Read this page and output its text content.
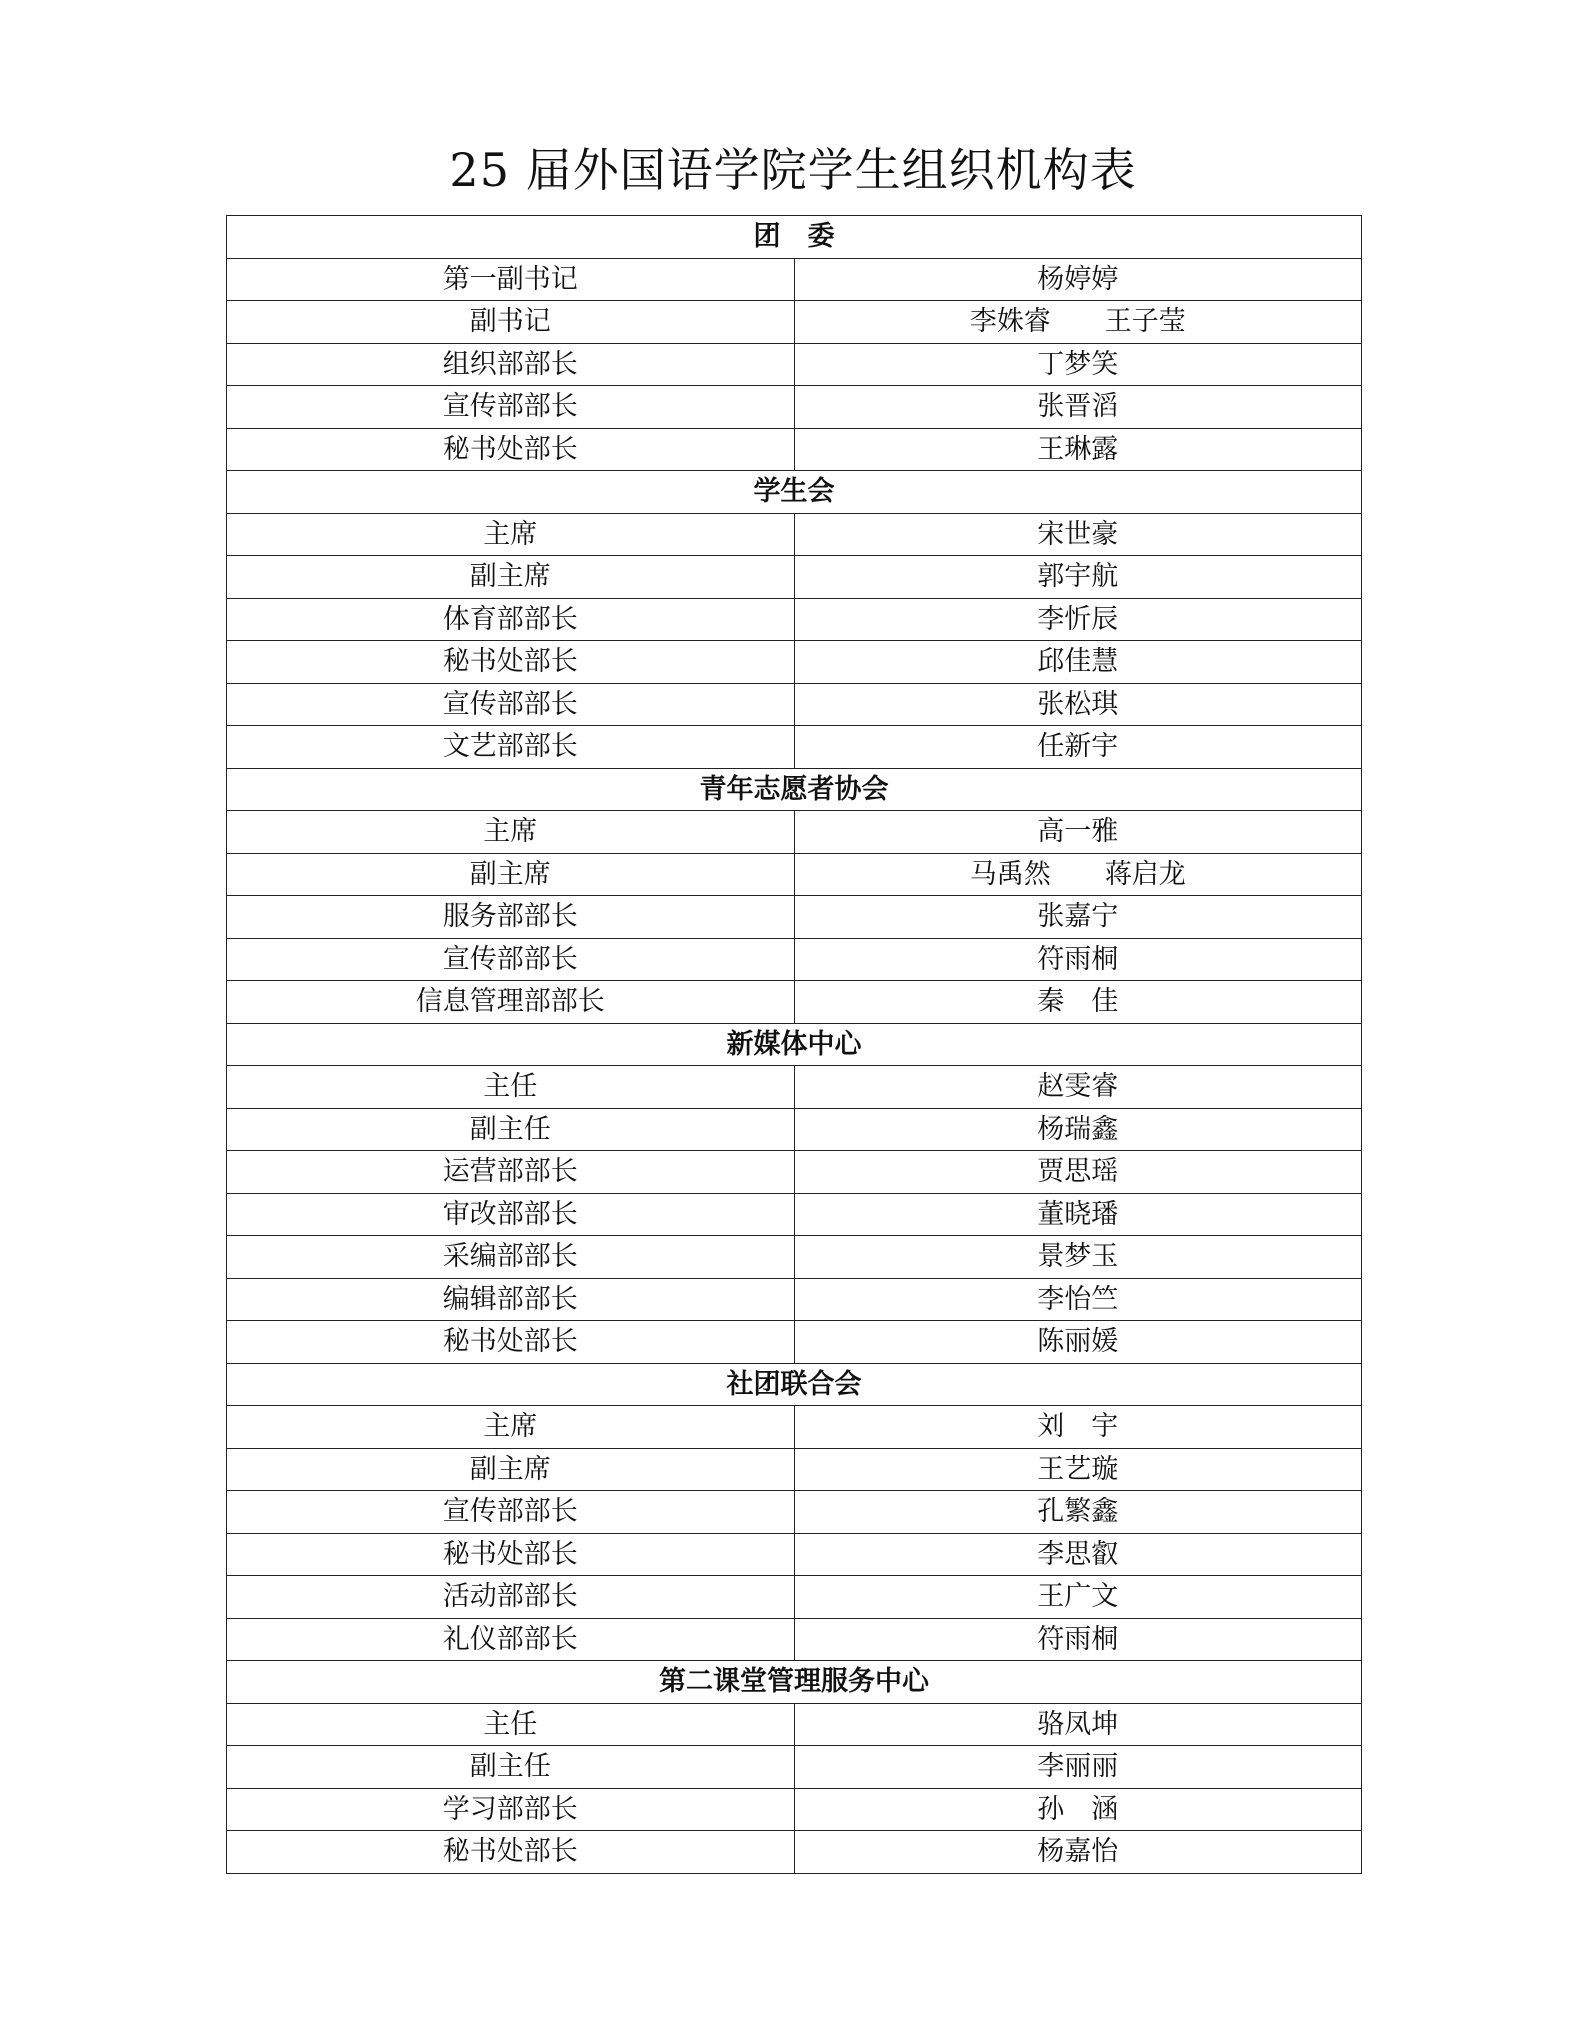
25 届外国语学院学生组织机构表
团　委	
第一副书记	杨婷婷
副书记	李姝睿　　王子莹
组织部部长	丁梦笑
宣传部部长	张晋滔
秘书处部长	王琳露
学生会	
主席	宋世豪
副主席	郭宇航
体育部部长	李忻辰
秘书处部长	邱佳慧
宣传部部长	张松琪
文艺部部长	任新宇
青年志愿者协会	
主席	高一雅
副主席	马禹然　　蒋启龙
服务部部长	张嘉宁
宣传部部长	符雨桐
信息管理部部长	秦　佳
新媒体中心	
主任	赵雯睿
副主任	杨瑞鑫
运营部部长	贾思瑶
审改部部长	董晓璠
采编部部长	景梦玉
编辑部部长	李怡竺
秘书处部长	陈丽媛
社团联合会	
主席	刘　宇
副主席	王艺璇
宣传部部长	孔繁鑫
秘书处部长	李思叡
活动部部长	王广文
礼仪部部长	符雨桐
第二课堂管理服务中心	
主任	骆凤坤
副主任	李丽丽
学习部部长	孙　涵
秘书处部长	杨嘉怡
